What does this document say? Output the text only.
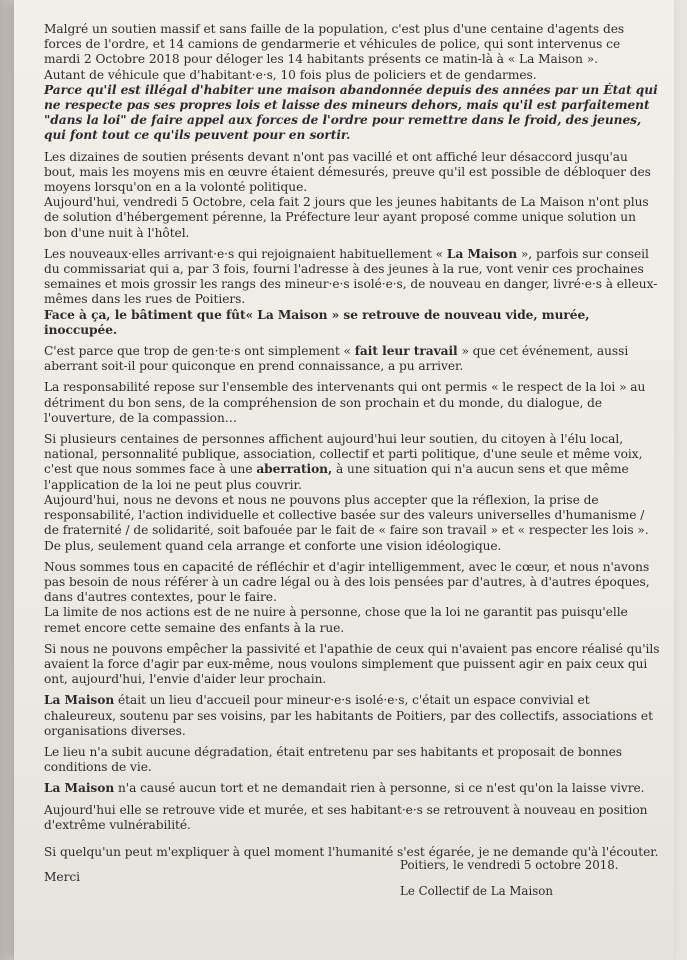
Malgré un soutien massif et sans faille de la population, c'est plus d'une centaine d'agents des forces de l'ordre, et 14 camions de gendarmerie et véhicules de police, qui sont intervenus ce mardi 2 Octobre 2018 pour déloger les 14 habitants présents ce matin-là à « La Maison ».

Autant de véhicule que d'habitant·e·s, 10 fois plus de policiers et de gendarmes.

Parce qu'il est illégal d'habiter une maison abandonnée depuis des années par un État qui ne respecte pas ses propres lois et laisse des mineurs dehors, mais qu'il est parfaitement "dans la loi" de faire appel aux forces de l'ordre pour remettre dans le froid, des jeunes, qui font tout ce qu'ils peuvent pour en sortir.

Les dizaines de soutien présents devant n'ont pas vacillé et ont affiché leur désaccord jusqu'au bout, mais les moyens mis en œuvre étaient démesurés, preuve qu'il est possible de débloquer des moyens lorsqu'on en a la volonté politique.

Aujourd'hui, vendredi 5 Octobre, cela fait 2 jours que les jeunes habitants de La Maison n'ont plus de solution d'hébergement pérenne, la Préfecture leur ayant proposé comme unique solution un bon d'une nuit à l'hôtel.

Les nouveaux·elles arrivant·e·s qui rejoignaient habituellement « La Maison », parfois sur conseil du commissariat qui a, par 3 fois, fourni l'adresse à des jeunes à la rue, vont venir ces prochaines semaines et mois grossir les rangs des mineur·e·s isolé·e·s, de nouveau en danger, livré·e·s à elleux-mêmes dans les rues de Poitiers.

Face à ça, le bâtiment que fût« La Maison » se retrouve de nouveau vide, murée, inoccupée.

C'est parce que trop de gen·te·s ont simplement « fait leur travail » que cet événement, aussi aberrant soit-il pour quiconque en prend connaissance, a pu arriver.

La responsabilité repose sur l'ensemble des intervenants qui ont permis « le respect de la loi » au détriment du bon sens, de la compréhension de son prochain et du monde, du dialogue, de l'ouverture, de la compassion…

Si plusieurs centaines de personnes affichent aujourd'hui leur soutien, du citoyen à l'élu local, national, personnalité publique, association, collectif et parti politique, d'une seule et même voix, c'est que nous sommes face à une aberration, à une situation qui n'a aucun sens et que même l'application de la loi ne peut plus couvrir.

Aujourd'hui, nous ne devons et nous ne pouvons plus accepter que la réflexion, la prise de responsabilité, l'action individuelle et collective basée sur des valeurs universelles d'humanisme / de fraternité / de solidarité, soit bafouée par le fait de « faire son travail » et « respecter les lois ».

De plus, seulement quand cela arrange et conforte une vision idéologique.

Nous sommes tous en capacité de réfléchir et d'agir intelligemment, avec le cœur, et nous n'avons pas besoin de nous référer à un cadre légal ou à des lois pensées par d'autres, à d'autres époques, dans d'autres contextes, pour le faire.

La limite de nos actions est de ne nuire à personne, chose que la loi ne garantit pas puisqu'elle remet encore cette semaine des enfants à la rue.

Si nous ne pouvons empêcher la passivité et l'apathie de ceux qui n'avaient pas encore réalisé qu'ils avaient la force d'agir par eux-même, nous voulons simplement que puissent agir en paix ceux qui ont, aujourd'hui, l'envie d'aider leur prochain.

La Maison était un lieu d'accueil pour mineur·e·s isolé·e·s, c'était un espace convivial et chaleureux, soutenu par ses voisins, par les habitants de Poitiers, par des collectifs, associations et organisations diverses.

Le lieu n'a subit aucune dégradation, était entretenu par ses habitants et proposait de bonnes conditions de vie.

La Maison n'a causé aucun tort et ne demandait rien à personne, si ce n'est qu'on la laisse vivre.

Aujourd'hui elle se retrouve vide et murée, et ses habitant·e·s se retrouvent à nouveau en position d'extrême vulnérabilité.

Si quelqu'un peut m'expliquer à quel moment l'humanité s'est égarée, je ne demande qu'à l'écouter.

Merci

Poitiers, le vendredi 5 octobre 2018.
Le Collectif de La Maison
